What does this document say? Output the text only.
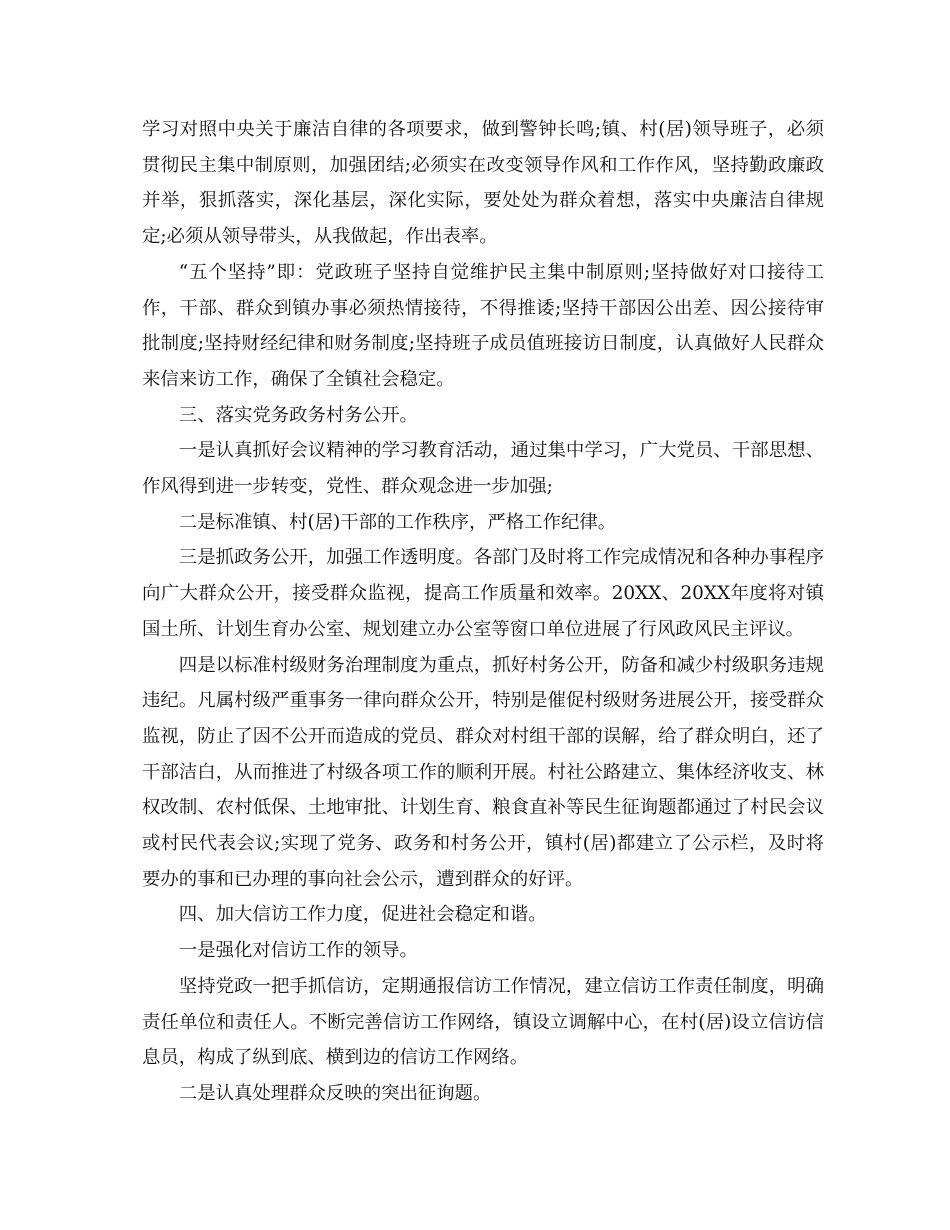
学习对照中央关于廉洁自律的各项要求，做到警钟长鸣;镇、村(居)领导班子，必须贯彻民主集中制原则，加强团结;必须实在改变领导作风和工作作风，坚持勤政廉政并举，狠抓落实，深化基层，深化实际，要处处为群众着想，落实中央廉洁自律规定;必须从领导带头，从我做起，作出表率。

“五个坚持”即：党政班子坚持自觉维护民主集中制原则;坚持做好对口接待工作，干部、群众到镇办事必须热情接待，不得推诿;坚持干部因公出差、因公接待审批制度;坚持财经纪律和财务制度;坚持班子成员值班接访日制度，认真做好人民群众来信来访工作，确保了全镇社会稳定。

三、落实党务政务村务公开。

一是认真抓好会议精神的学习教育活动，通过集中学习，广大党员、干部思想、作风得到进一步转变，党性、群众观念进一步加强;

二是标准镇、村(居)干部的工作秩序，严格工作纪律。

三是抓政务公开，加强工作透明度。各部门及时将工作完成情况和各种办事程序向广大群众公开，接受群众监视，提高工作质量和效率。20XX、20XX年度将对镇国土所、计划生育办公室、规划建立办公室等窗口单位进展了行风政风民主评议。

四是以标准村级财务治理制度为重点，抓好村务公开，防备和减少村级职务违规违纪。凡属村级严重事务一律向群众公开，特别是催促村级财务进展公开，接受群众监视，防止了因不公开而造成的党员、群众对村组干部的误解，给了群众明白，还了干部洁白，从而推进了村级各项工作的顺利开展。村社公路建立、集体经济收支、林权改制、农村低保、土地审批、计划生育、粮食直补等民生征询题都通过了村民会议或村民代表会议;实现了党务、政务和村务公开，镇村(居)都建立了公示栏，及时将要办的事和已办理的事向社会公示，遭到群众的好评。

四、加大信访工作力度，促进社会稳定和谐。

一是强化对信访工作的领导。

坚持党政一把手抓信访，定期通报信访工作情况，建立信访工作责任制度，明确责任单位和责任人。不断完善信访工作网络，镇设立调解中心，在村(居)设立信访信息员，构成了纵到底、横到边的信访工作网络。

二是认真处理群众反映的突出征询题。
